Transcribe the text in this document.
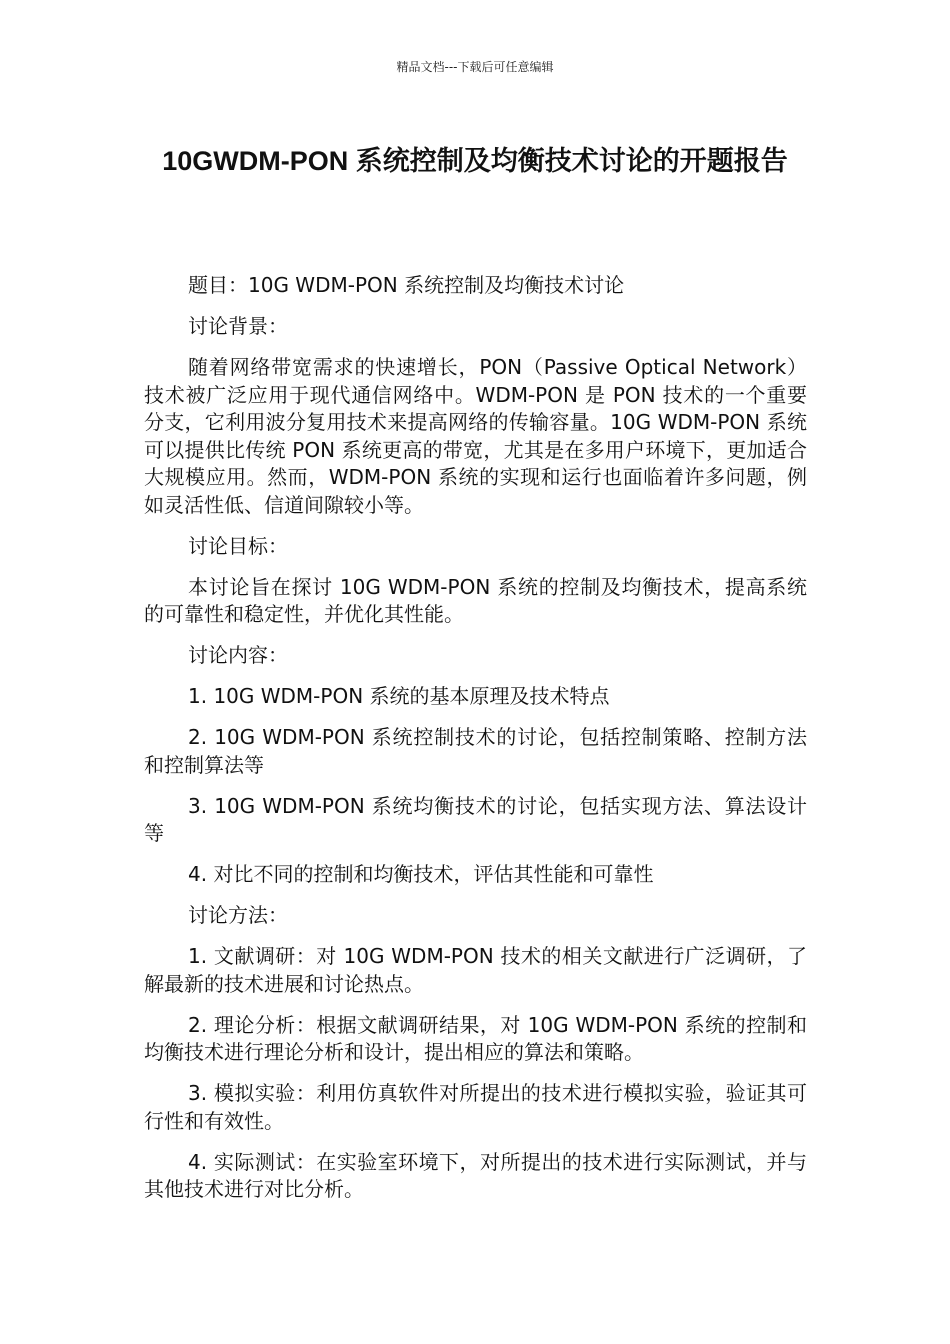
精品文档---下载后可任意编辑
10GWDM-PON 系统控制及均衡技术讨论的开题报告

题目：10G WDM-PON 系统控制及均衡技术讨论

讨论背景：

随着网络带宽需求的快速增长，PON（Passive Optical Network）技术被广泛应用于现代通信网络中。WDM-PON 是 PON 技术的一个重要分支，它利用波分复用技术来提高网络的传输容量。10G WDM-PON 系统可以提供比传统 PON 系统更高的带宽，尤其是在多用户环境下，更加适合大规模应用。然而，WDM-PON 系统的实现和运行也面临着许多问题，例如灵活性低、信道间隙较小等。

讨论目标：

本讨论旨在探讨 10G WDM-PON 系统的控制及均衡技术，提高系统的可靠性和稳定性，并优化其性能。

讨论内容：

1. 10G WDM-PON 系统的基本原理及技术特点

2. 10G WDM-PON 系统控制技术的讨论，包括控制策略、控制方法和控制算法等

3. 10G WDM-PON 系统均衡技术的讨论，包括实现方法、算法设计等

4. 对比不同的控制和均衡技术，评估其性能和可靠性

讨论方法：

1. 文献调研：对 10G WDM-PON 技术的相关文献进行广泛调研，了解最新的技术进展和讨论热点。

2. 理论分析：根据文献调研结果，对 10G WDM-PON 系统的控制和均衡技术进行理论分析和设计，提出相应的算法和策略。

3. 模拟实验：利用仿真软件对所提出的技术进行模拟实验，验证其可行性和有效性。

4. 实际测试：在实验室环境下，对所提出的技术进行实际测试，并与其他技术进行对比分析。
